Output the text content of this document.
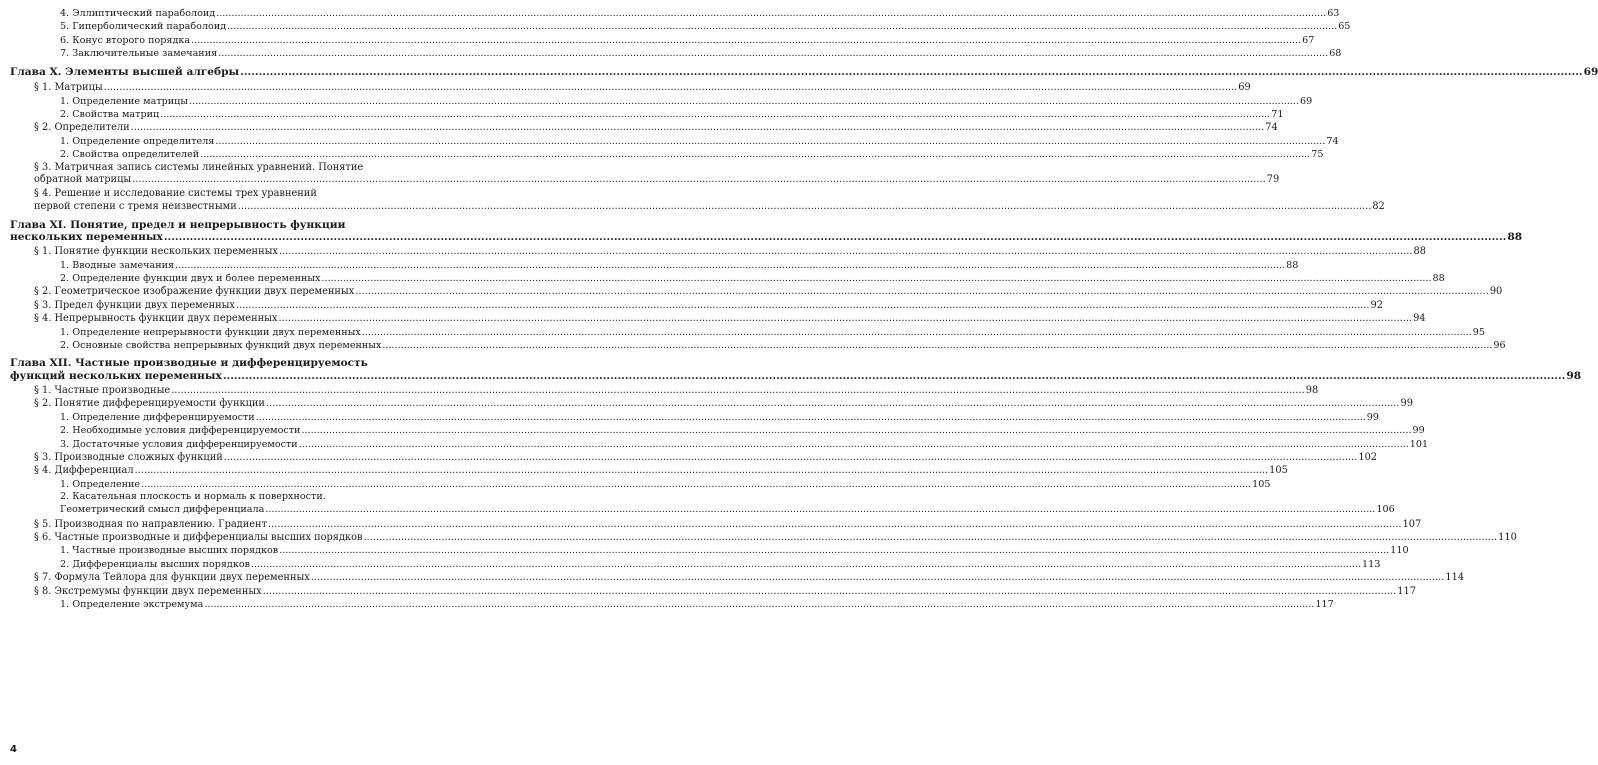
4. Эллиптический параболоид .....	63
5. Гиперболический параболоид .....	65
6. Конус второго порядка .....	67
7. Заключительные замечания .....	68
Глава X. Элементы высшей алгебры .....	69
§ 1. Матрицы .....	69
1. Определение матрицы .....	69
2. Свойства матриц .....	71
§ 2. Определители .....	74
1. Определение определителя .....	74
2. Свойства определителей .....	75
§ 3. Матричная запись системы линейных уравнений. Понятие
обратной матрицы .....	79
§ 4. Решение и исследование системы трех уравнений
первой степени с тремя неизвестными .....	82
Глава XI. Понятие, предел и непрерывность функции
нескольких переменных .....	88
§ 1. Понятие функции нескольких переменных .....	88
1. Вводные замечания .....	88
2. Определение функции двух и более переменных .....	88
§ 2. Геометрическое изображение функции двух переменных .....	90
§ 3. Предел функции двух переменных .....	92
§ 4. Непрерывность функции двух переменных .....	94
1. Определение непрерывности функции двух переменных .....	95
2. Основные свойства непрерывных функций двух переменных .....	96
Глава XII. Частные производные и дифференцируемость
функций нескольких переменных .....	98
§ 1. Частные производные .....	98
§ 2. Понятие дифференцируемости функции .....	99
1. Определение дифференцируемости .....	99
2. Необходимые условия дифференцируемости .....	99
3. Достаточные условия дифференцируемости .....	101
§ 3. Производные сложных функций .....	102
§ 4. Дифференциал .....	105
1. Определение .....	105
2. Касательная плоскость и нормаль к поверхности.
Геометрический смысл дифференциала .....	106
§ 5. Производная по направлению. Градиент .....	107
§ 6. Частные производные и дифференциалы высших порядков .....	110
1. Частные производные высших порядков .....	110
2. Дифференциалы высших порядков .....	113
§ 7. Формула Тейлора для функции двух переменных .....	114
§ 8. Экстремумы функции двух переменных .....	117
1. Определение экстремума .....	117
4
